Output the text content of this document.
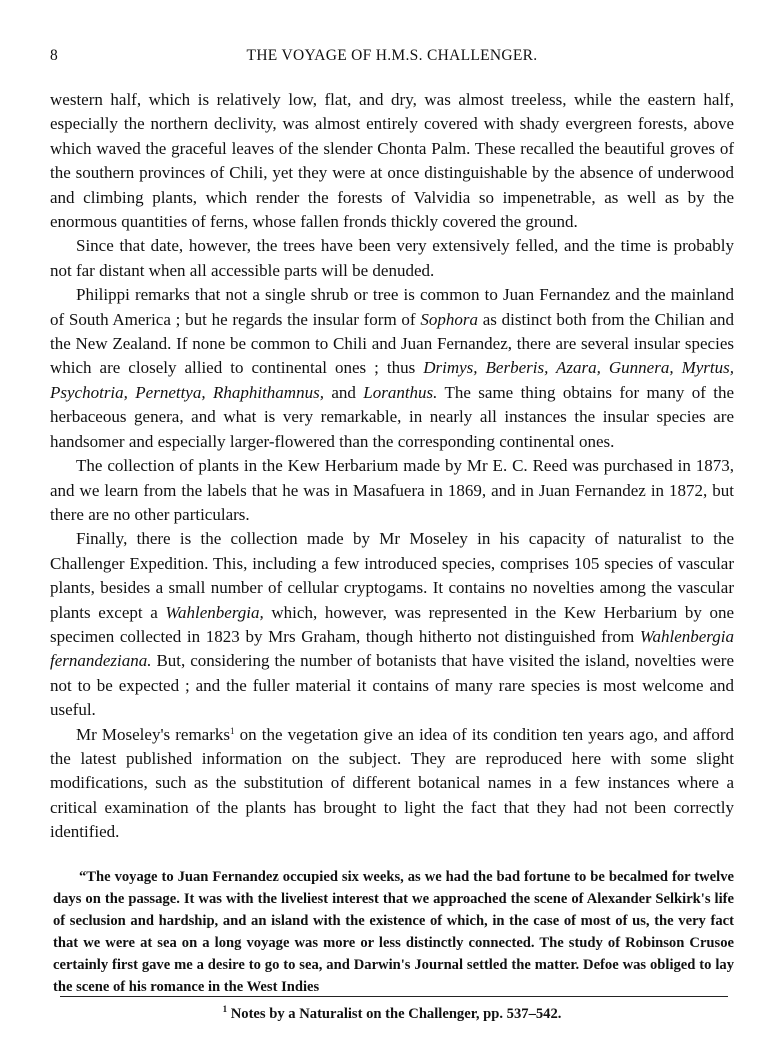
8	THE VOYAGE OF H.M.S. CHALLENGER.

western half, which is relatively low, flat, and dry, was almost treeless, while the eastern half, especially the northern declivity, was almost entirely covered with shady evergreen forests, above which waved the graceful leaves of the slender Chonta Palm. These recalled the beautiful groves of the southern provinces of Chili, yet they were at once distinguishable by the absence of underwood and climbing plants, which render the forests of Valvidia so impenetrable, as well as by the enormous quantities of ferns, whose fallen fronds thickly covered the ground.

Since that date, however, the trees have been very extensively felled, and the time is probably not far distant when all accessible parts will be denuded.

Philippi remarks that not a single shrub or tree is common to Juan Fernandez and the mainland of South America ; but he regards the insular form of Sophora as distinct both from the Chilian and the New Zealand. If none be common to Chili and Juan Fernandez, there are several insular species which are closely allied to continental ones ; thus Drimys, Berberis, Azara, Gunnera, Myrtus, Psychotria, Pernettya, Rhaphithamnus, and Loranthus. The same thing obtains for many of the herbaceous genera, and what is very remarkable, in nearly all instances the insular species are handsomer and especially larger-flowered than the corresponding continental ones.

The collection of plants in the Kew Herbarium made by Mr E. C. Reed was purchased in 1873, and we learn from the labels that he was in Masafuera in 1869, and in Juan Fernandez in 1872, but there are no other particulars.

Finally, there is the collection made by Mr Moseley in his capacity of naturalist to the Challenger Expedition. This, including a few introduced species, comprises 105 species of vascular plants, besides a small number of cellular cryptogams. It contains no novelties among the vascular plants except a Wahlenbergia, which, however, was represented in the Kew Herbarium by one specimen collected in 1823 by Mrs Graham, though hitherto not distinguished from Wahlenbergia fernandeziana. But, considering the number of botanists that have visited the island, novelties were not to be expected ; and the fuller material it contains of many rare species is most welcome and useful.

Mr Moseley's remarks$^1$ on the vegetation give an idea of its condition ten years ago, and afford the latest published information on the subject. They are reproduced here with some slight modifications, such as the substitution of different botanical names in a few instances where a critical examination of the plants has brought to light the fact that they had not been correctly identified.

“The voyage to Juan Fernandez occupied six weeks, as we had the bad fortune to be becalmed for twelve days on the passage. It was with the liveliest interest that we approached the scene of Alexander Selkirk's life of seclusion and hardship, and an island with the existence of which, in the case of most of us, the very fact that we were at sea on a long voyage was more or less distinctly connected. The study of Robinson Crusoe certainly first gave me a desire to go to sea, and Darwin's Journal settled the matter. Defoe was obliged to lay the scene of his romance in the West Indies

$^1$ Notes by a Naturalist on the Challenger, pp. 537–542.
